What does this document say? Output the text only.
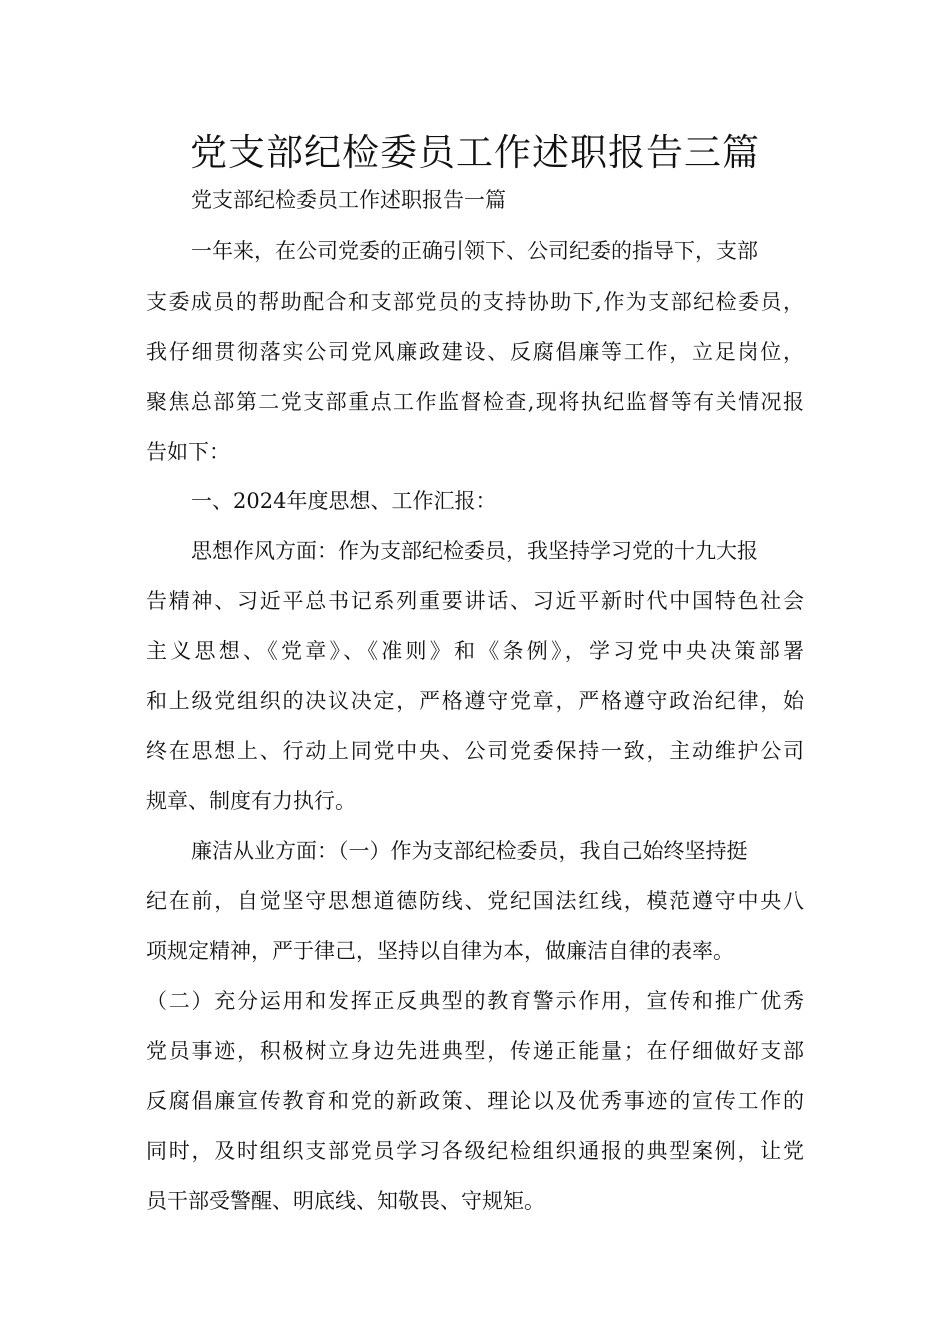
党支部纪检委员工作述职报告三篇

党支部纪检委员工作述职报告一篇

一年来，在公司党委的正确引领下、公司纪委的指导下，支部

支委成员的帮助配合和支部党员的支持协助下,作为支部纪检委员，

我仔细贯彻落实公司党风廉政建设、反腐倡廉等工作，立足岗位，

聚焦总部第二党支部重点工作监督检查,现将执纪监督等有关情况报

告如下：

一、2024年度思想、工作汇报：

思想作风方面：作为支部纪检委员，我坚持学习党的十九大报

告精神、习近平总书记系列重要讲话、习近平新时代中国特色社会

主义思想、《党章》、《准则》和《条例》，学习党中央决策部署

和上级党组织的决议决定，严格遵守党章，严格遵守政治纪律，始

终在思想上、行动上同党中央、公司党委保持一致，主动维护公司

规章、制度有力执行。

廉洁从业方面：（一）作为支部纪检委员，我自己始终坚持挺

纪在前，自觉坚守思想道德防线、党纪国法红线，模范遵守中央八

项规定精神，严于律己，坚持以自律为本，做廉洁自律的表率。

（二）充分运用和发挥正反典型的教育警示作用，宣传和推广优秀

党员事迹，积极树立身边先进典型，传递正能量；在仔细做好支部

反腐倡廉宣传教育和党的新政策、理论以及优秀事迹的宣传工作的

同时，及时组织支部党员学习各级纪检组织通报的典型案例，让党

员干部受警醒、明底线、知敬畏、守规矩。
